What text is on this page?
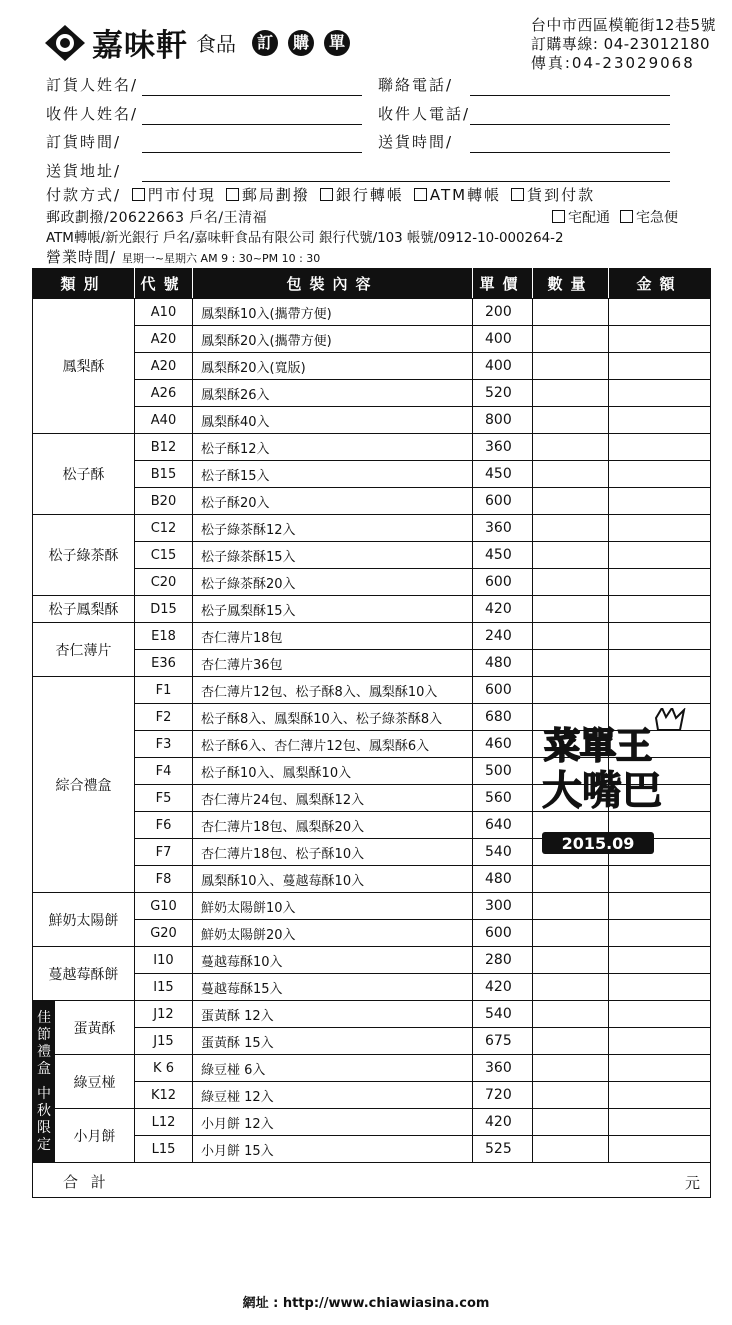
嘉味軒 食品	訂 購 單
台中市西區模範街12巷5號
訂購專線: 04-23012180
傳真:04-23029068
訂貨人姓名/	聯絡電話/
收件人姓名/	收件人電話/
訂貨時間/	送貨時間/
送貨地址/
付款方式/ 門市付現 郵局劃撥 銀行轉帳 ATM轉帳 貨到付款
郵政劃撥/20622663 戶名/王清福	宅配通 宅急便
ATM轉帳/新光銀行 戶名/嘉味軒食品有限公司 銀行代號/103 帳號/0912-10-000264-2
營業時間/ 星期一~星期六 AM 9 : 30~PM 10 : 30
類別	代號	包裝內容	單價	數量	金額
鳳梨酥	A10	鳳梨酥10入(攜帶方便)	200		
	A20	鳳梨酥20入(攜帶方便)	400		
	A20	鳳梨酥20入(寬版)	400		
	A26	鳳梨酥26入	520		
	A40	鳳梨酥40入	800		
松子酥	B12	松子酥12入	360		
	B15	松子酥15入	450		
	B20	松子酥20入	600		
松子綠茶酥	C12	松子綠茶酥12入	360		
	C15	松子綠茶酥15入	450		
	C20	松子綠茶酥20入	600		
松子鳳梨酥	D15	松子鳳梨酥15入	420		
杏仁薄片	E18	杏仁薄片18包	240		
	E36	杏仁薄片36包	480		
綜合禮盒	F1	杏仁薄片12包、松子酥8入、鳳梨酥10入	600		
	F2	松子酥8入、鳳梨酥10入、松子綠茶酥8入	680		
	F3	松子酥6入、杏仁薄片12包、鳳梨酥6入	460		
	F4	松子酥10入、鳳梨酥10入	500		
	F5	杏仁薄片24包、鳳梨酥12入	560		
	F6	杏仁薄片18包、鳳梨酥20入	640		
	F7	杏仁薄片18包、松子酥10入	540		
	F8	鳳梨酥10入、蔓越莓酥10入	480		
鮮奶太陽餅	G10	鮮奶太陽餅10入	300		
	G20	鮮奶太陽餅20入	600		
蔓越莓酥餅	I10	蔓越莓酥10入	280		
	I15	蔓越莓酥15入	420		

蛋黃酥	J12	蛋黃酥 12入	540		
	J15	蛋黃酥 15入	675		

綠豆椪	K 6	綠豆椪 6入	360		
	K12	綠豆椪 12入	720		

小月餅	L12	小月餅 12入	420		
	L15	小月餅 15入	525		
合 計 元					
菜單王
大嘴巴
2015.09
網址 : http://www.chiawiasina.com
佳
節
禮
盒
中
秋
限
定
